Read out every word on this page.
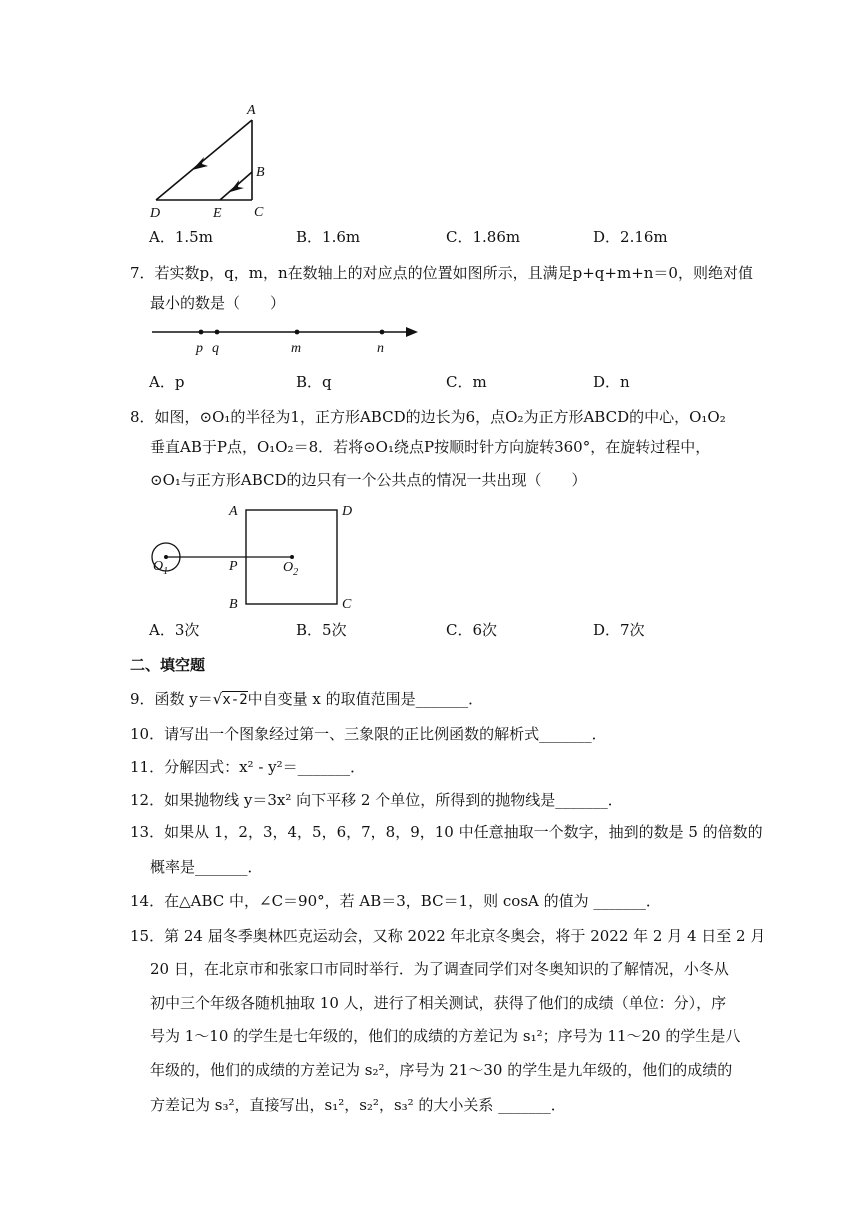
A
B
C
D	E
A．1.5m	B．1.6m	C．1.86m	D．2.16m
7．若实数p，q，m，n在数轴上的对应点的位置如图所示，且满足p+q+m+n＝0，则绝对值
最小的数是（　　）
p q	m	n
A．p	B．q	C．m	D．n
8．如图，⊙O₁的半径为1，正方形ABCD的边长为6，点O₂为正方形ABCD的中心，O₁O₂
垂直AB于P点，O₁O₂＝8．若将⊙O₁绕点P按顺时针方向旋转360°，在旋转过程中，
⊙O₁与正方形ABCD的边只有一个公共点的情况一共出现（　　）
A	D
B	C
P
$O_1$	$O_2$
A．3次	B．5次	C．6次	D．7次
二、填空题
9．函数 y＝√x-2中自变量 x 的取值范围是_______．
10．请写出一个图象经过第一、三象限的正比例函数的解析式_______．
11．分解因式：x² - y²＝_______．
12．如果抛物线 y＝3x² 向下平移 2 个单位，所得到的抛物线是_______．
13．如果从 1，2，3，4，5，6，7，8，9，10 中任意抽取一个数字，抽到的数是 5 的倍数的
概率是_______．
14．在△ABC 中，∠C＝90°，若 AB＝3，BC＝1，则 cosA 的值为 _______．
15．第 24 届冬季奥林匹克运动会，又称 2022 年北京冬奥会，将于 2022 年 2 月 4 日至 2 月
20 日，在北京市和张家口市同时举行．为了调查同学们对冬奥知识的了解情况，小冬从
初中三个年级各随机抽取 10 人，进行了相关测试，获得了他们的成绩（单位：分），序
号为 1～10 的学生是七年级的，他们的成绩的方差记为 s₁²；序号为 11～20 的学生是八
年级的，他们的成绩的方差记为 s₂²，序号为 21～30 的学生是九年级的，他们的成绩的
方差记为 s₃²，直接写出，s₁²，s₂²，s₃² 的大小关系 _______．
